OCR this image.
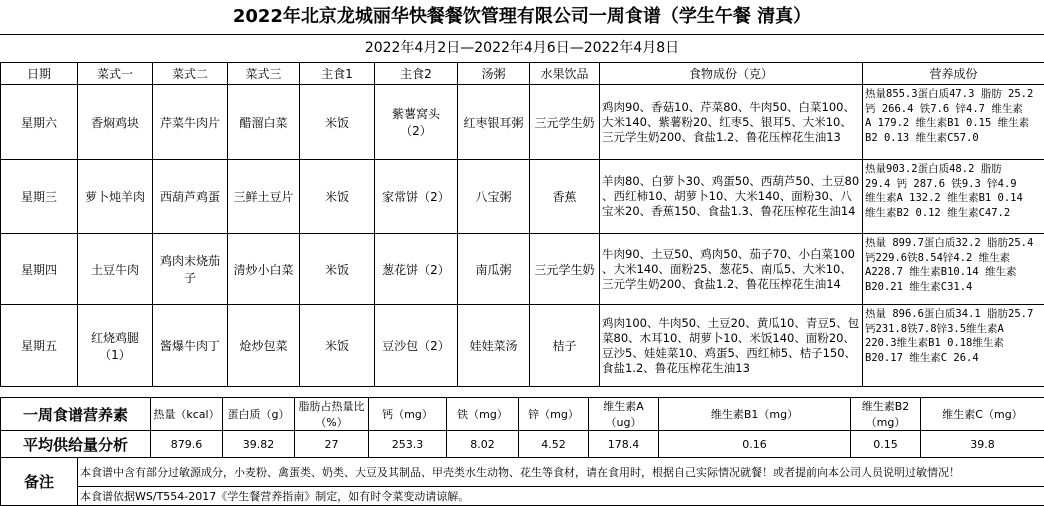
2022年北京龙城丽华快餐餐饮管理有限公司一周食谱（学生午餐 清真）
2022年4月2日—2022年4月6日—2022年4月8日
日期	菜式一	菜式二	菜式三	主食1	主食2	汤粥	水果饮品	食物成份（克）	营养成份
星期六	香焖鸡块	芹菜牛肉片	醋溜白菜	米饭	紫薯窝头
（2）	红枣银耳粥	三元学生奶	鸡肉90、香菇10、芹菜80、牛肉50、白菜100、
大米140、紫薯粉20、红枣5、银耳5、大米10、
三元学生奶200、食盐1.2、鲁花压榨花生油13	热量855.3蛋白质47.3 脂肪 25.2
钙 266.4 铁7.6 锌4.7 维生素
A 179.2 维生素B1 0.15 维生素
B2 0.13 维生素C57.0
星期三	萝卜炖羊肉	西葫芦鸡蛋	三鲜土豆片	米饭	家常饼（2）	八宝粥	香蕉	羊肉80、白萝卜30、鸡蛋50、西葫芦50、土豆80
、西红柿10、胡萝卜10、大米140、面粉30、八
宝米20、香蕉150、食盐1.3、鲁花压榨花生油14	热量903.2蛋白质48.2 脂肪
29.4 钙 287.6 铁9.3 锌4.9
维生素A 132.2 维生素B1 0.14
维生素B2 0.12 维生素C47.2
星期四	土豆牛肉	鸡肉末烧茄子	清炒小白菜	米饭	葱花饼（2）	南瓜粥	三元学生奶	牛肉90、土豆50、鸡肉50、茄子70、小白菜100
、大米140、面粉25、葱花5、南瓜5、大米10、
三元学生奶200、食盐1.2、鲁花压榨花生油14	热量 899.7蛋白质32.2 脂肪25.4
钙229.6铁8.54锌4.2 维生素
A228.7 维生素B10.14 维生素
B20.21 维生素C31.4
星期五	红烧鸡腿
（1）	酱爆牛肉丁	炝炒包菜	米饭	豆沙包（2）	娃娃菜汤	桔子	鸡肉100、牛肉50、土豆20、黄瓜10、青豆5、包
菜80、木耳10、胡萝卜10、米饭140、面粉20、
豆沙5、娃娃菜10、鸡蛋5、西红柿5、桔子150、
食盐1.2、鲁花压榨花生油13	热量 896.6蛋白质34.1 脂肪25.7
钙231.8铁7.8锌3.5维生素A
220.3维生素B1 0.18维生素
B20.17 维生素C 26.4
一周食谱营养素	热量（kcal）	蛋白质（g）	脂肪占热量比（%）	钙（mg）	铁（mg）	锌（mg）	维生素A（ug）	维生素B1（mg）	维生素B2（mg）	维生素C（mg）
平均供给量分析	879.6	39.82	27	253.3	8.02	4.52	178.4	0.16	0.15	39.8
备注	本食谱中含有部分过敏源成分，小麦粉、禽蛋类、奶类、大豆及其制品、甲壳类水生动物、花生等食材，请在食用时，根据自己实际情况就餐！或者提前向本公司人员说明过敏情况！
本食谱依据WS/T554-2017《学生餐营养指南》制定，如有时令菜变动请谅解。
